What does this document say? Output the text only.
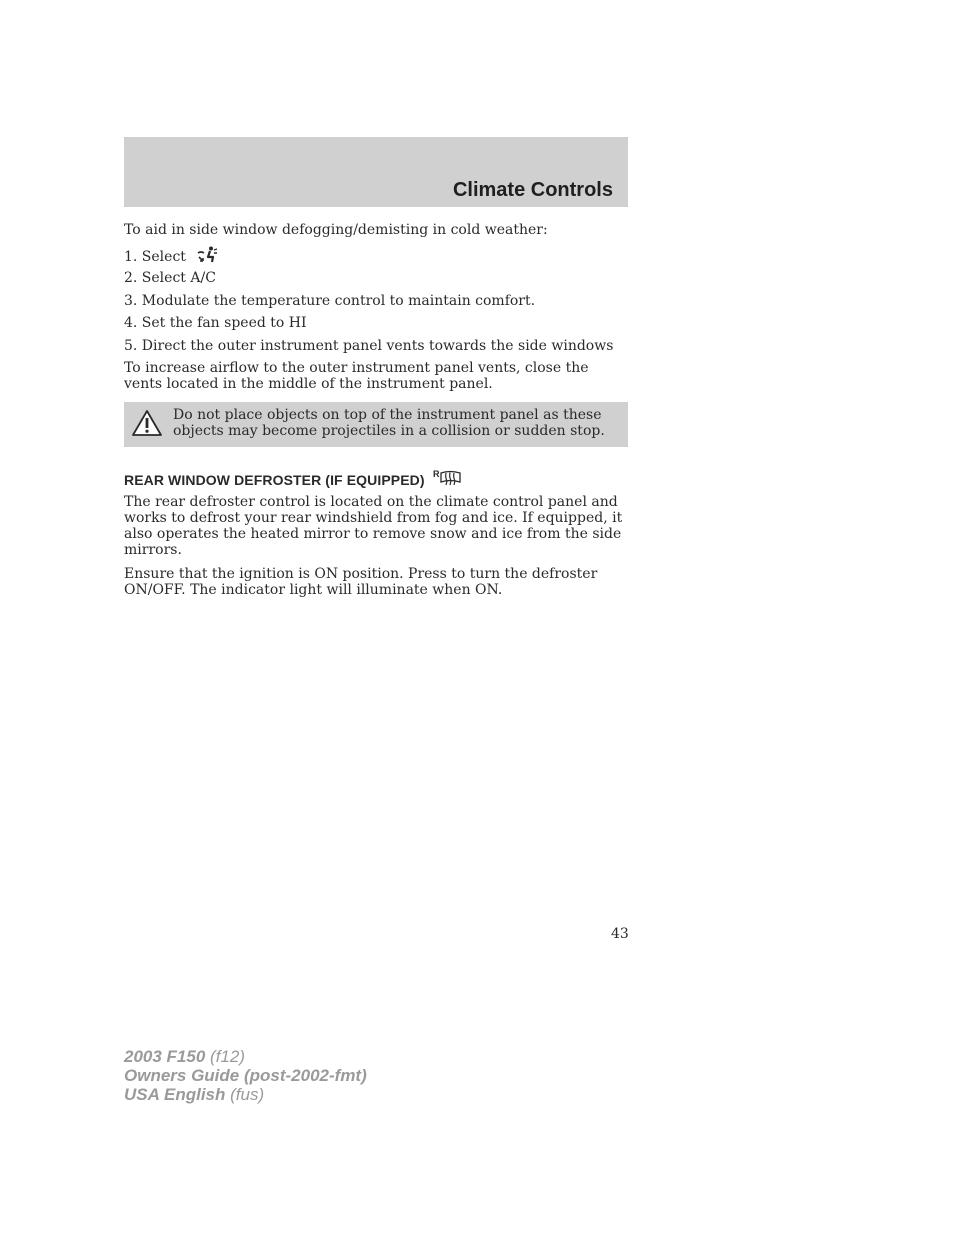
Climate Controls

To aid in side window defogging/demisting in cold weather:

1. Select
2. Select A/C
3. Modulate the temperature control to maintain comfort.
4. Set the fan speed to HI
5. Direct the outer instrument panel vents towards the side windows

To increase airflow to the outer instrument panel vents, close the vents located in the middle of the instrument panel.

Do not place objects on top of the instrument panel as these objects may become projectiles in a collision or sudden stop.

REAR WINDOW DEFROSTER (IF EQUIPPED) R

The rear defroster control is located on the climate control panel and works to defrost your rear windshield from fog and ice. If equipped, it also operates the heated mirror to remove snow and ice from the side mirrors.

Ensure that the ignition is ON position. Press to turn the defroster ON/OFF. The indicator light will illuminate when ON.

43

2003 F150 (f12)
Owners Guide (post-2002-fmt)
USA English (fus)
